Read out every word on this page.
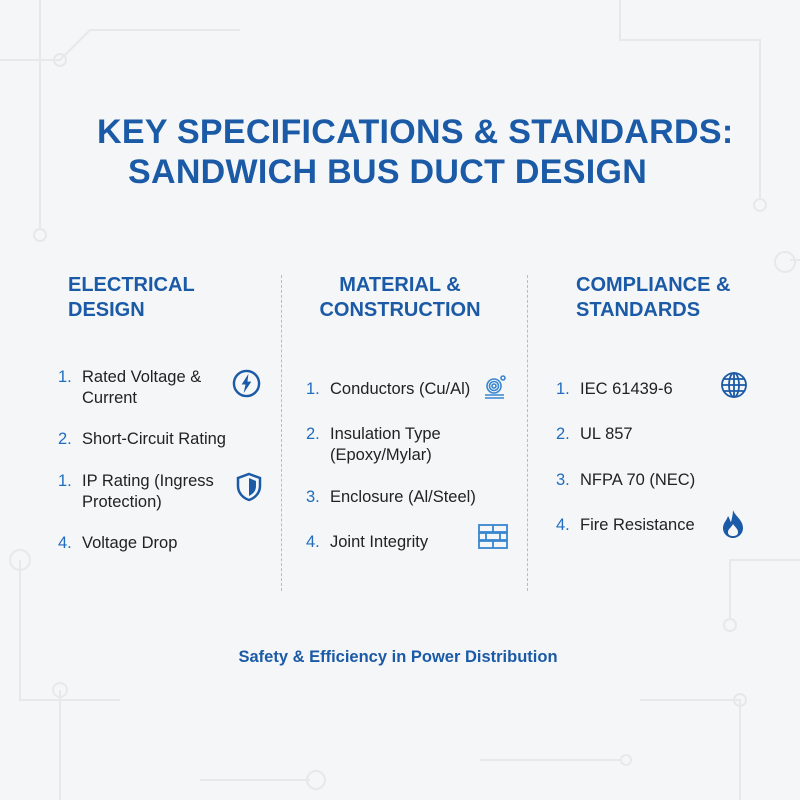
KEY SPECIFICATIONS & STANDARDS:
SANDWICH BUS DUCT DESIGN
ELECTRICAL DESIGN
1. Rated Voltage & Current
2. Short-Circuit Rating
1. IP Rating (Ingress Protection)
4. Voltage Drop
MATERIAL & CONSTRUCTION
1. Conductors (Cu/Al)
2. Insulation Type (Epoxy/Mylar)
3. Enclosure (Al/Steel)
4. Joint Integrity
COMPLIANCE & STANDARDS
1. IEC 61439-6
2. UL 857
3. NFPA 70 (NEC)
4. Fire Resistance
Safety & Efficiency in Power Distribution
